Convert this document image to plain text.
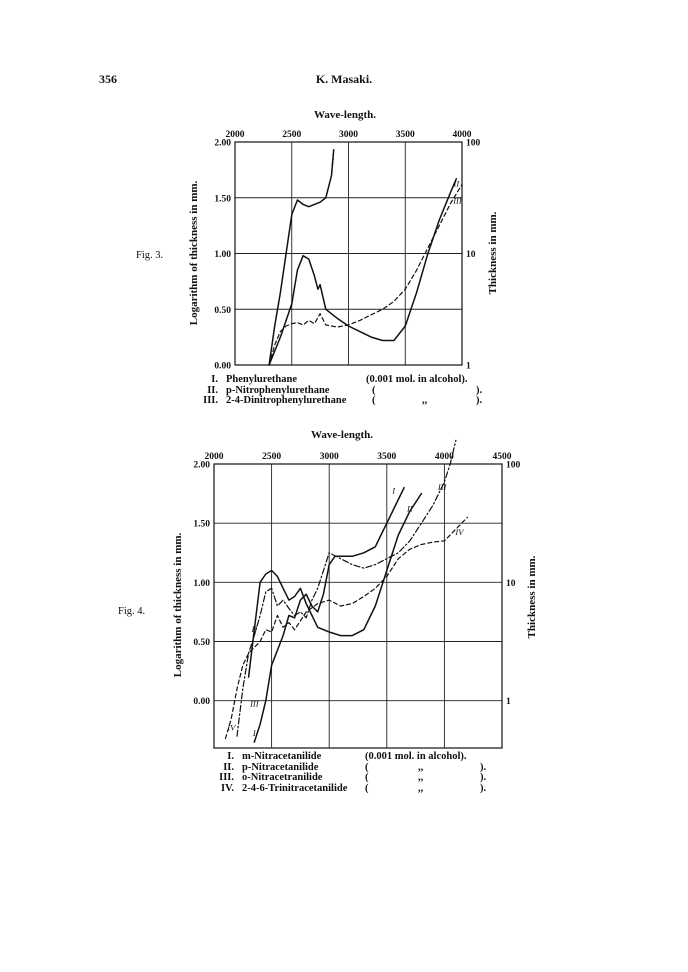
356	K. Masaki.
Fig. 3.
Wave-length.
Logarithm of thickness in mm.	Thickness in mm.
2000	2500	3000	3500	4000
2.00
1.50
1.00
0.50
0.00
100
10
1
I
II
III
Fig. 4.
Wave-length.
Logarithm of thickness in mm.	Thickness in mm.
2000	2500	3000	3500	4000	4500
2.00
1.50
1.00
0.50
0.00
100
10
1
I
II
III
IV
I
II
III
IV
I. Phenylurethane	(0.001 mol. in alcohol).
II. p-Nitrophenylurethane	(	).
III. 2-4-Dinitrophenylurethane (	,,	).
I. m-Nitracetanilide	(0.001 mol. in alcohol).
II. p-Nitracetanilide	(	,,	).
III. o-Nitracetranilide	(	,,	).
IV. 2-4-6-Trinitracetanilide (	,,	).
